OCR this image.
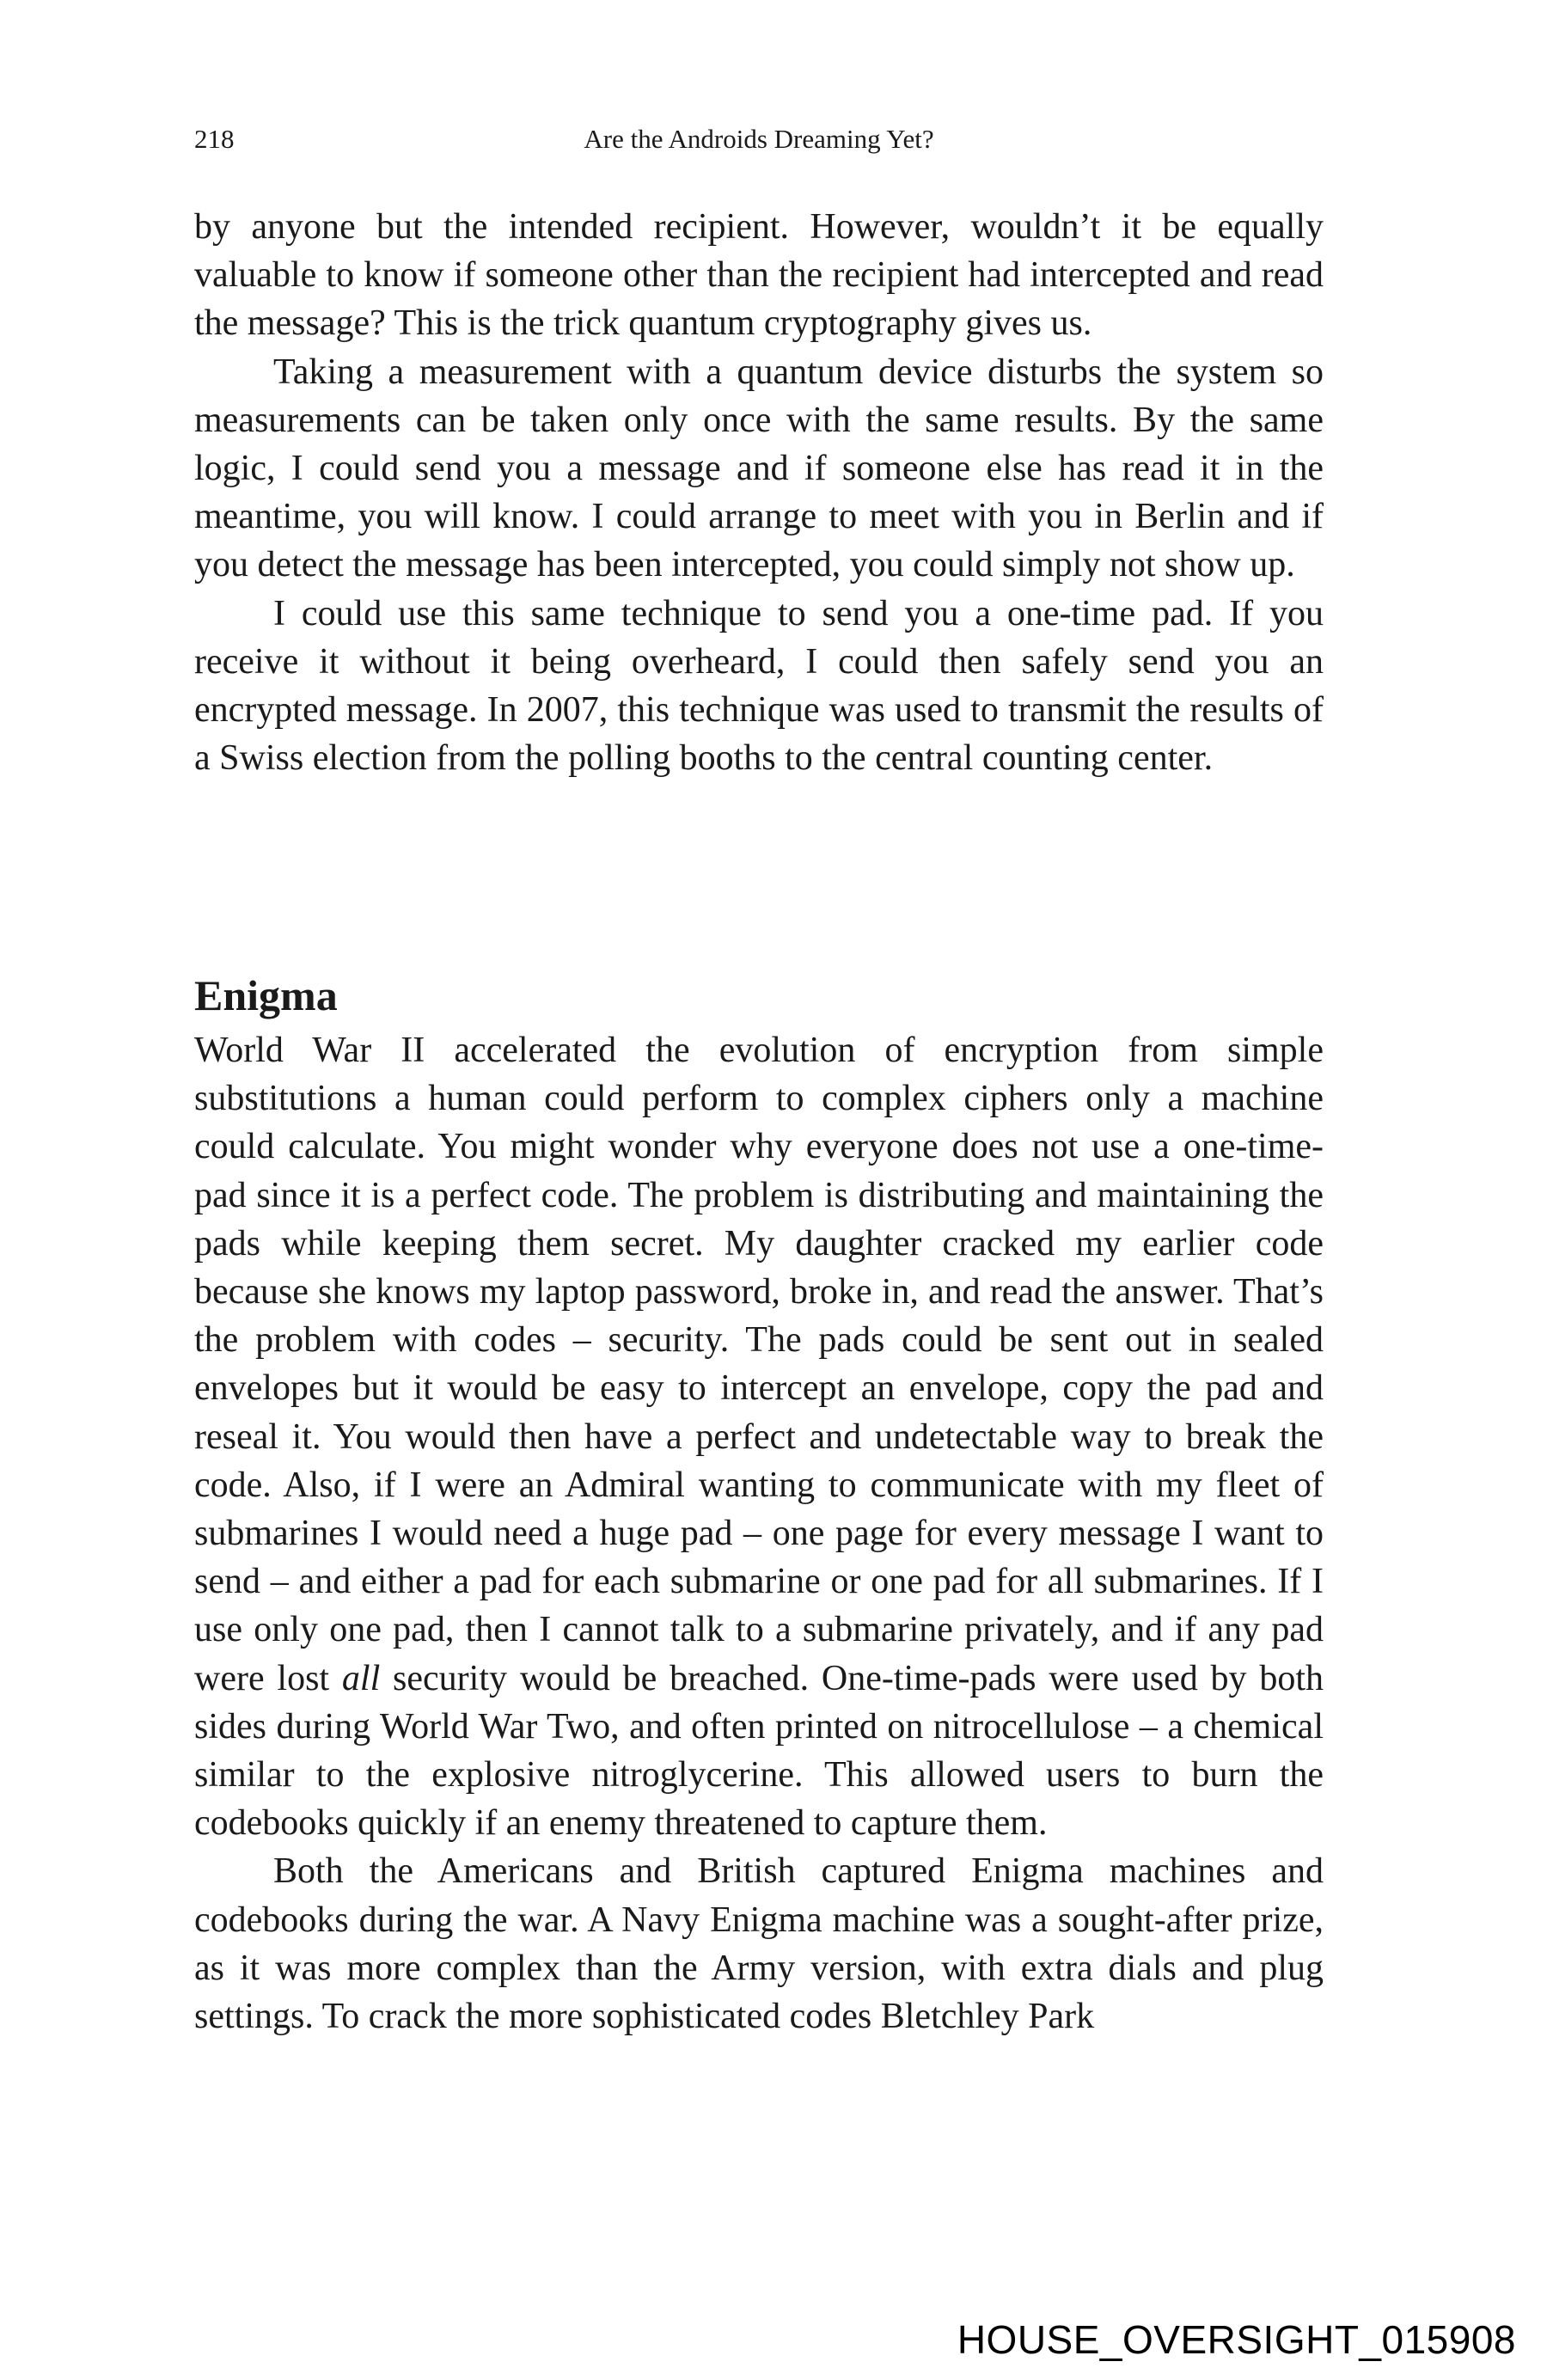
218	Are the Androids Dreaming Yet?

by anyone but the intended recipient. However, wouldn’t it be equally valuable to know if someone other than the recipient had intercepted and read the message? This is the trick quantum cryptography gives us.

Taking a measurement with a quantum device disturbs the system so measurements can be taken only once with the same results. By the same logic, I could send you a message and if someone else has read it in the meantime, you will know. I could arrange to meet with you in Berlin and if you detect the message has been intercepted, you could simply not show up.

I could use this same technique to send you a one-time pad. If you receive it without it being overheard, I could then safely send you an encrypted message. In 2007, this technique was used to transmit the results of a Swiss election from the polling booths to the central counting center.

Enigma

World War II accelerated the evolution of encryption from simple substitutions a human could perform to complex ciphers only a machine could calculate. You might wonder why everyone does not use a one-time-pad since it is a perfect code. The problem is distributing and maintaining the pads while keeping them secret. My daughter cracked my earlier code because she knows my laptop password, broke in, and read the answer. That’s the problem with codes – security. The pads could be sent out in sealed envelopes but it would be easy to intercept an envelope, copy the pad and reseal it. You would then have a perfect and undetectable way to break the code. Also, if I were an Admiral wanting to communicate with my fleet of submarines I would need a huge pad – one page for every message I want to send – and either a pad for each submarine or one pad for all submarines. If I use only one pad, then I cannot talk to a submarine privately, and if any pad were lost all security would be breached. One-time-pads were used by both sides during World War Two, and often printed on nitrocellulose – a chemical similar to the explosive nitroglycerine. This allowed users to burn the codebooks quickly if an enemy threatened to capture them.

Both the Americans and British captured Enigma machines and codebooks during the war. A Navy Enigma machine was a sought-after prize, as it was more complex than the Army version, with extra dials and plug settings. To crack the more sophisticated codes Bletchley Park

HOUSE_OVERSIGHT_015908
